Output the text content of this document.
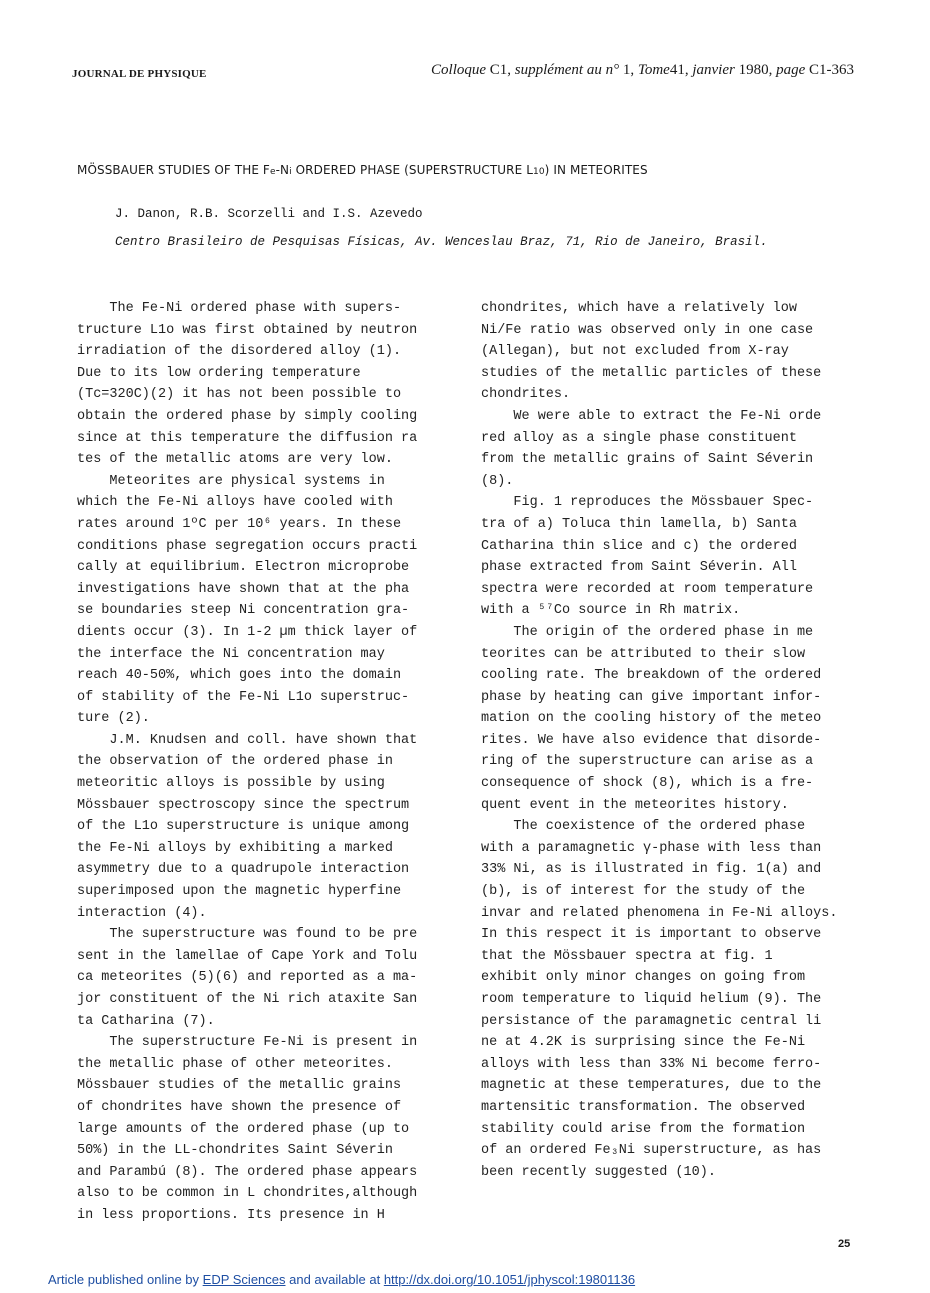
JOURNAL DE PHYSIQUE	Colloque C1, supplément au n° 1, Tome41, janvier 1980, page C1-363
MÖSSBAUER STUDIES OF THE Fe-Ni ORDERED PHASE (SUPERSTRUCTURE L10) IN METEORITES
J. Danon, R.B. Scorzelli and I.S. Azevedo
Centro Brasileiro de Pesquisas Físicas, Av. Wenceslau Braz, 71, Rio de Janeiro, Brasil.
The Fe-Ni ordered phase with supers-
tructure L1o was first obtained by neutron
irradiation of the disordered alloy (1).
Due to its low ordering temperature
(Tc=320C)(2) it has not been possible to
obtain the ordered phase by simply cooling
since at this temperature the diffusion ra
tes of the metallic atoms are very low.
Meteorites are physical systems in
which the Fe-Ni alloys have cooled with
rates around 1ºC per 10⁶ years. In these
conditions phase segregation occurs practi
cally at equilibrium. Electron microprobe
investigations have shown that at the pha
se boundaries steep Ni concentration gra-
dients occur (3). In 1-2 µm thick layer of
the interface the Ni concentration may
reach 40-50%, which goes into the domain
of stability of the Fe-Ni L1o superstruc-
ture (2).
J.M. Knudsen and coll. have shown that
the observation of the ordered phase in
meteoritic alloys is possible by using
Mössbauer spectroscopy since the spectrum
of the L1o superstructure is unique among
the Fe-Ni alloys by exhibiting a marked
asymmetry due to a quadrupole interaction
superimposed upon the magnetic hyperfine
interaction (4).
The superstructure was found to be pre
sent in the lamellae of Cape York and Tolu
ca meteorites (5)(6) and reported as a ma-
jor constituent of the Ni rich ataxite San
ta Catharina (7).
The superstructure Fe-Ni is present in
the metallic phase of other meteorites.
Mössbauer studies of the metallic grains
of chondrites have shown the presence of
large amounts of the ordered phase (up to
50%) in the LL-chondrites Saint Séverin
and Parambú (8). The ordered phase appears
also to be common in L chondrites,although
in less proportions. Its presence in H
chondrites, which have a relatively low
Ni/Fe ratio was observed only in one case
(Allegan), but not excluded from X-ray
studies of the metallic particles of these
chondrites.
We were able to extract the Fe-Ni orde
red alloy as a single phase constituent
from the metallic grains of Saint Séverin
(8).
Fig. 1 reproduces the Mössbauer Spec-
tra of a) Toluca thin lamella, b) Santa
Catharina thin slice and c) the ordered
phase extracted from Saint Séverin. All
spectra were recorded at room temperature
with a ⁵⁷Co source in Rh matrix.
The origin of the ordered phase in me
teorites can be attributed to their slow
cooling rate. The breakdown of the ordered
phase by heating can give important infor-
mation on the cooling history of the meteo
rites. We have also evidence that disorde-
ring of the superstructure can arise as a
consequence of shock (8), which is a fre-
quent event in the meteorites history.
The coexistence of the ordered phase
with a paramagnetic γ-phase with less than
33% Ni, as is illustrated in fig. 1(a) and
(b), is of interest for the study of the
invar and related phenomena in Fe-Ni alloys.
In this respect it is important to observe
that the Mössbauer spectra at fig. 1
exhibit only minor changes on going from
room temperature to liquid helium (9). The
persistance of the paramagnetic central li
ne at 4.2K is surprising since the Fe-Ni
alloys with less than 33% Ni become ferro-
magnetic at these temperatures, due to the
martensitic transformation. The observed
stability could arise from the formation
of an ordered Fe₃Ni superstructure, as has
been recently suggested (10).
25
Article published online by EDP Sciences and available at http://dx.doi.org/10.1051/jphyscol:19801136
